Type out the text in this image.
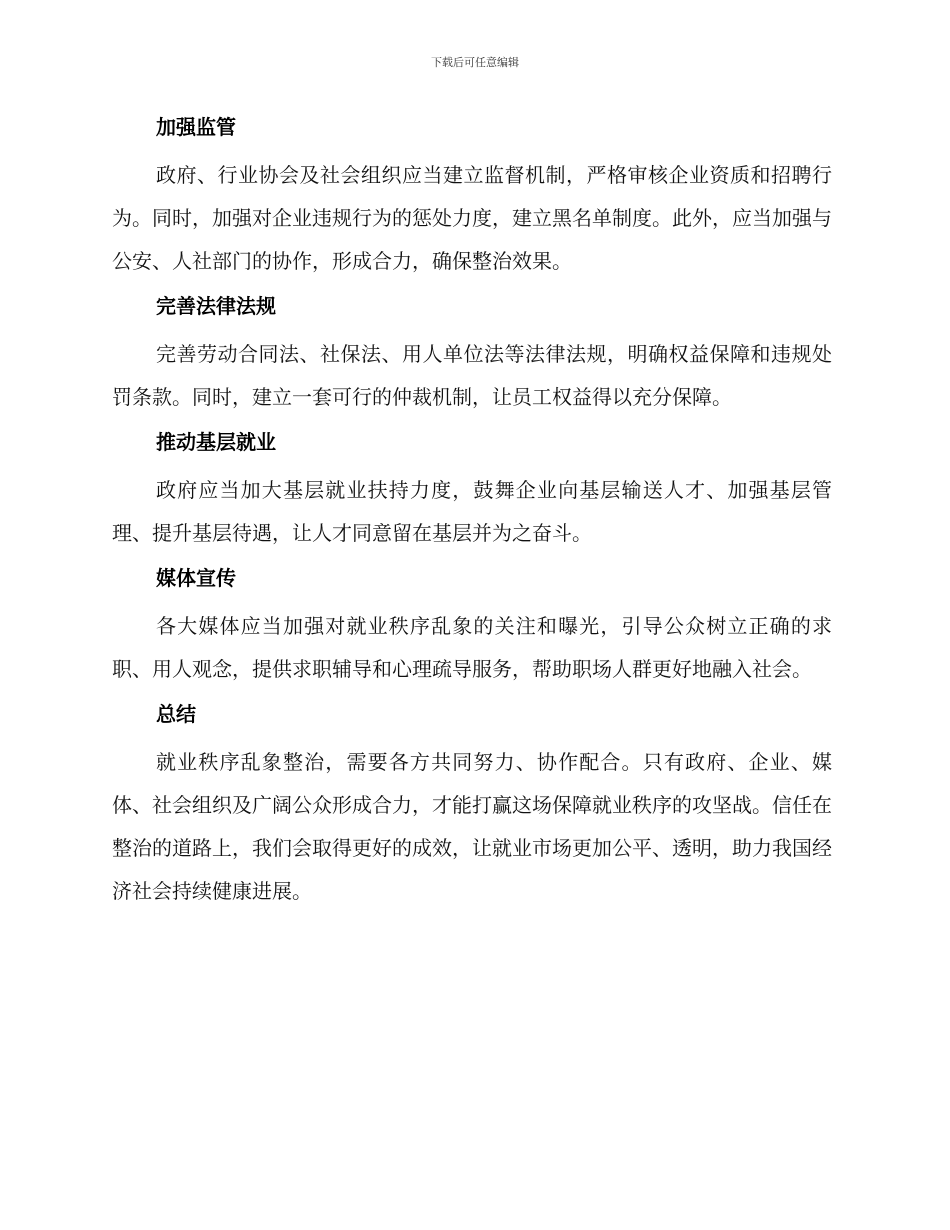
下载后可任意编辑
加强监管

政府、行业协会及社会组织应当建立监督机制，严格审核企业资质和招聘行为。同时，加强对企业违规行为的惩处力度，建立黑名单制度。此外，应当加强与公安、人社部门的协作，形成合力，确保整治效果。

完善法律法规

完善劳动合同法、社保法、用人单位法等法律法规，明确权益保障和违规处罚条款。同时，建立一套可行的仲裁机制，让员工权益得以充分保障。

推动基层就业

政府应当加大基层就业扶持力度，鼓舞企业向基层输送人才、加强基层管理、提升基层待遇，让人才同意留在基层并为之奋斗。

媒体宣传

各大媒体应当加强对就业秩序乱象的关注和曝光，引导公众树立正确的求职、用人观念，提供求职辅导和心理疏导服务，帮助职场人群更好地融入社会。

总结

就业秩序乱象整治，需要各方共同努力、协作配合。只有政府、企业、媒体、社会组织及广阔公众形成合力，才能打赢这场保障就业秩序的攻坚战。信任在整治的道路上，我们会取得更好的成效，让就业市场更加公平、透明，助力我国经济社会持续健康进展。
